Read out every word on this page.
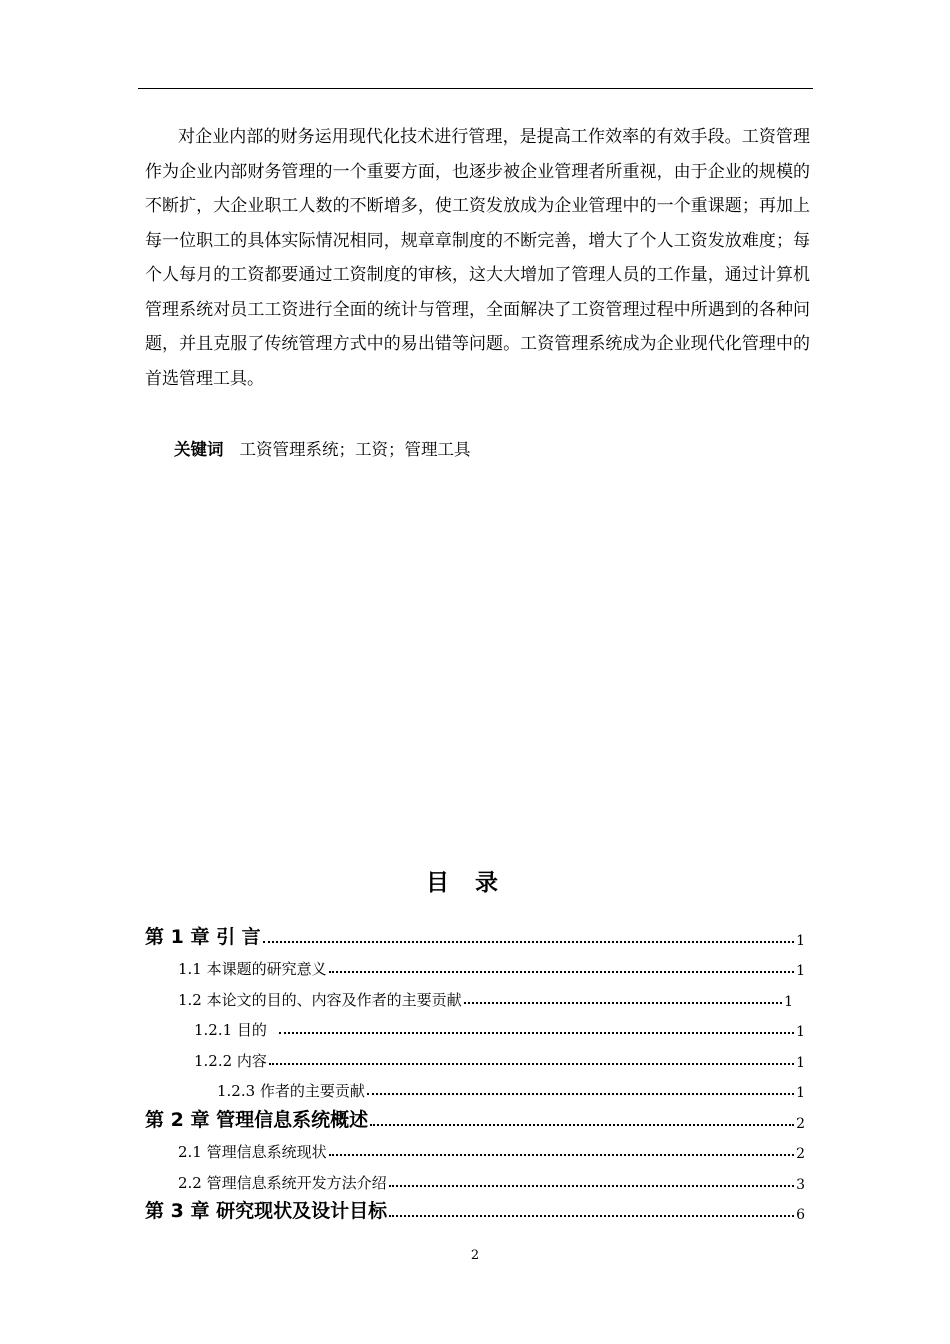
对企业内部的财务运用现代化技术进行管理，是提高工作效率的有效手段。工资管理作为企业内部财务管理的一个重要方面，也逐步被企业管理者所重视，由于企业的规模的不断扩，大企业职工人数的不断增多，使工资发放成为企业管理中的一个重课题；再加上每一位职工的具体实际情况相同，规章章制度的不断完善，增大了个人工资发放难度；每个人每月的工资都要通过工资制度的审核，这大大增加了管理人员的工作量，通过计算机管理系统对员工工资进行全面的统计与管理，全面解决了工资管理过程中所遇到的各种问题，并且克服了传统管理方式中的易出错等问题。工资管理系统成为企业现代化管理中的首选管理工具。

关键词 工资管理系统；工资；管理工具
目录
第 1 章 引 言	1
1.1 本课题的研究意义	1
1.2 本论文的目的、内容及作者的主要贡献	1
1.2.1 目的	1
1.2.2 内容	1
1.2.3 作者的主要贡献	1
第 2 章 管理信息系统概述	2
2.1 管理信息系统现状	2
2.2 管理信息系统开发方法介绍	3
第 3 章 研究现状及设计目标	6
2
